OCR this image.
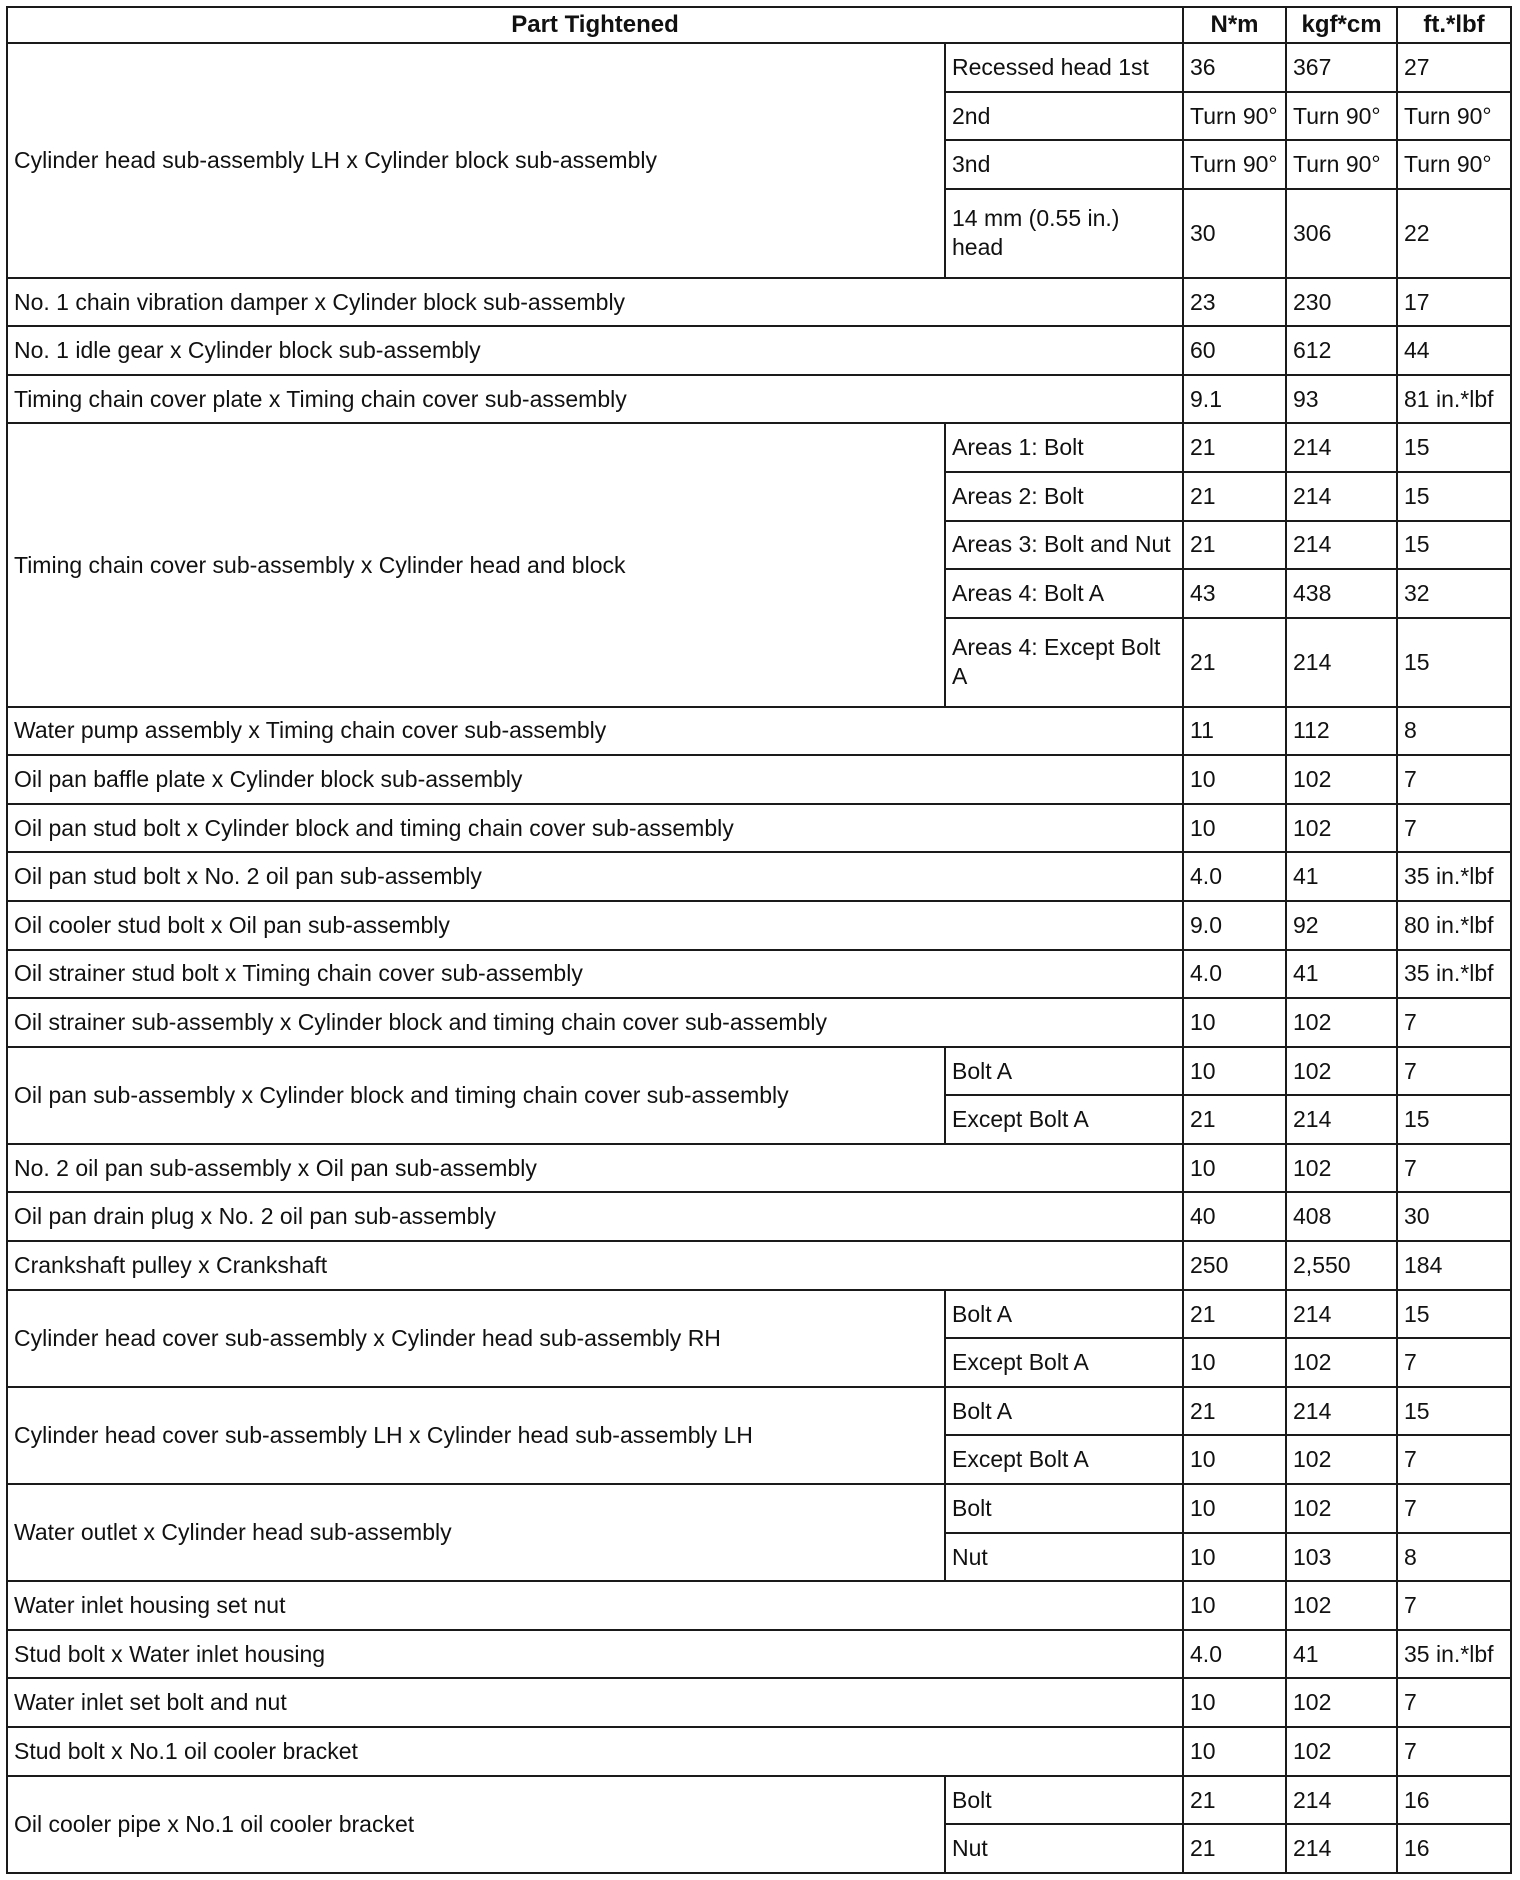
Part Tightened		N*m	kgf*cm	ft.*lbf
Cylinder head sub-assembly LH x Cylinder block sub-assembly	Recessed head 1st	36	367	27
	2nd	Turn 90°	Turn 90°	Turn 90°
	3nd	Turn 90°	Turn 90°	Turn 90°
	14 mm (0.55 in.) head	30	306	22
No. 1 chain vibration damper x Cylinder block sub-assembly		23	230	17
No. 1 idle gear x Cylinder block sub-assembly		60	612	44
Timing chain cover plate x Timing chain cover sub-assembly		9.1	93	81 in.*lbf
Timing chain cover sub-assembly x Cylinder head and block	Areas 1: Bolt	21	214	15
	Areas 2: Bolt	21	214	15
	Areas 3: Bolt and Nut	21	214	15
	Areas 4: Bolt A	43	438	32
	Areas 4: Except Bolt A	21	214	15
Water pump assembly x Timing chain cover sub-assembly		11	112	8
Oil pan baffle plate x Cylinder block sub-assembly		10	102	7
Oil pan stud bolt x Cylinder block and timing chain cover sub-assembly		10	102	7
Oil pan stud bolt x No. 2 oil pan sub-assembly		4.0	41	35 in.*lbf
Oil cooler stud bolt x Oil pan sub-assembly		9.0	92	80 in.*lbf
Oil strainer stud bolt x Timing chain cover sub-assembly		4.0	41	35 in.*lbf
Oil strainer sub-assembly x Cylinder block and timing chain cover sub-assembly		10	102	7
Oil pan sub-assembly x Cylinder block and timing chain cover sub-assembly	Bolt A	10	102	7
	Except Bolt A	21	214	15
No. 2 oil pan sub-assembly x Oil pan sub-assembly		10	102	7
Oil pan drain plug x No. 2 oil pan sub-assembly		40	408	30
Crankshaft pulley x Crankshaft		250	2,550	184
Cylinder head cover sub-assembly x Cylinder head sub-assembly RH	Bolt A	21	214	15
	Except Bolt A	10	102	7
Cylinder head cover sub-assembly LH x Cylinder head sub-assembly LH	Bolt A	21	214	15
	Except Bolt A	10	102	7
Water outlet x Cylinder head sub-assembly	Bolt	10	102	7
	Nut	10	103	8
Water inlet housing set nut		10	102	7
Stud bolt x Water inlet housing		4.0	41	35 in.*lbf
Water inlet set bolt and nut		10	102	7
Stud bolt x No.1 oil cooler bracket		10	102	7
Oil cooler pipe x No.1 oil cooler bracket	Bolt	21	214	16
	Nut	21	214	16
